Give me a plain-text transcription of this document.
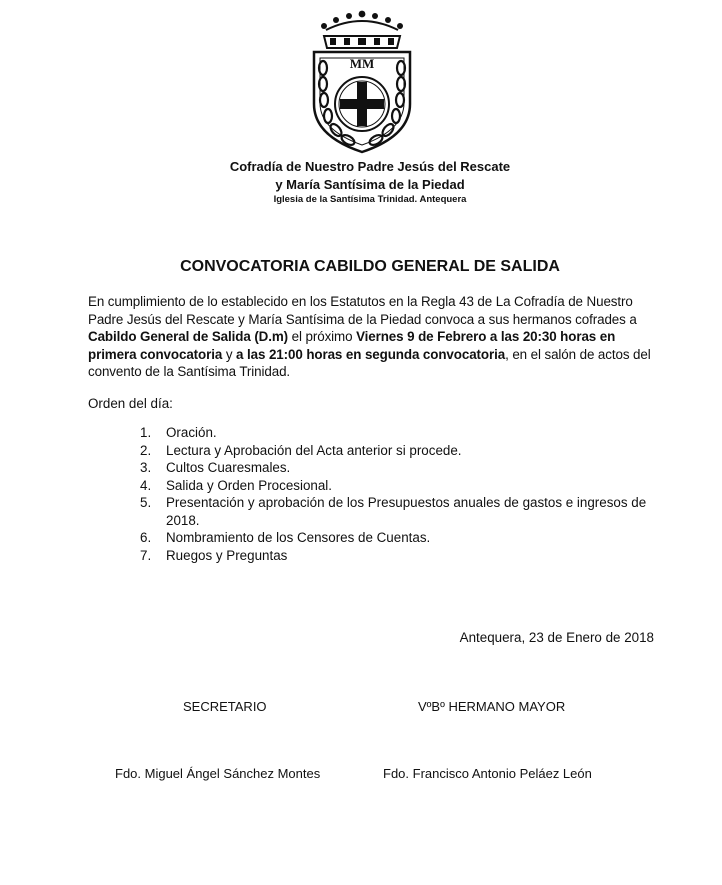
MM
Cofradía de Nuestro Padre Jesús del Rescate
y María Santísima de la Piedad
Iglesia de la Santísima Trinidad. Antequera
CONVOCATORIA CABILDO GENERAL DE SALIDA
En cumplimiento de lo establecido en los Estatutos en la Regla 43 de La Cofradía de Nuestro Padre Jesús del Rescate y María Santísima de la Piedad convoca a sus hermanos cofrades a Cabildo General de Salida (D.m) el próximo Viernes 9 de Febrero a las 20:30 horas en primera convocatoria y a las 21:00 horas en segunda convocatoria, en el salón de actos del convento de la Santísima Trinidad.
Orden del día:
1.	Oración.
2.	Lectura y Aprobación del Acta anterior si procede.
3.	Cultos Cuaresmales.
4.	Salida y Orden Procesional.
5.	Presentación y aprobación de los Presupuestos anuales de gastos e ingresos de 2018.
6.	Nombramiento de los Censores de Cuentas.
7.	Ruegos y Preguntas
Antequera, 23 de Enero de 2018
SECRETARIO	VºBº HERMANO MAYOR
Fdo. Miguel Ángel Sánchez Montes	Fdo. Francisco Antonio Peláez León
